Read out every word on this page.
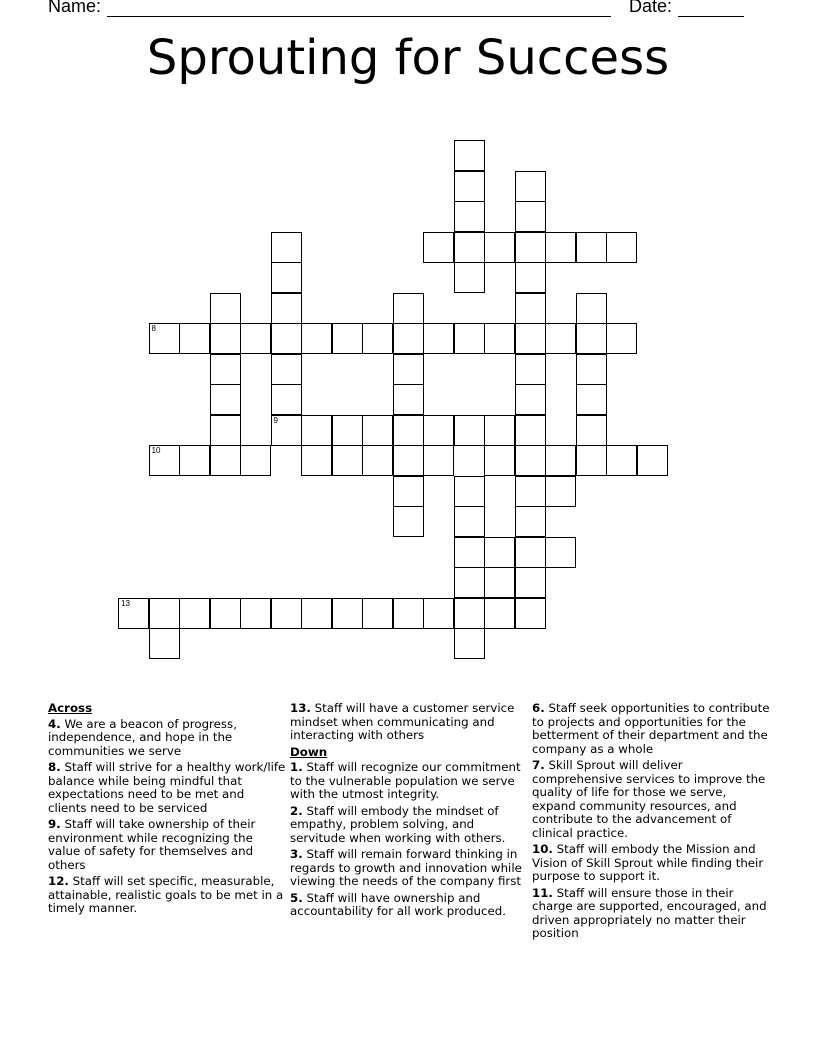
Name:	Date:
Sprouting for Success
8
9
10
13
Across
4. We are a beacon of progress, independence, and hope in the communities we serve
8. Staff will strive for a healthy work/life balance while being mindful that expectations need to be met and clients need to be serviced
9. Staff will take ownership of their environment while recognizing the value of safety for themselves and others
12. Staff will set specific, measurable, attainable, realistic goals to be met in a timely manner.
13. Staff will have a customer service mindset when communicating and interacting with others
Down
1. Staff will recognize our commitment to the vulnerable population we serve with the utmost integrity.
2. Staff will embody the mindset of empathy, problem solving, and servitude when working with others.
3. Staff will remain forward thinking in regards to growth and innovation while viewing the needs of the company first
5. Staff will have ownership and accountability for all work produced.
6. Staff seek opportunities to contribute to projects and opportunities for the betterment of their department and the company as a whole
7. Skill Sprout will deliver comprehensive services to improve the quality of life for those we serve, expand community resources, and contribute to the advancement of clinical practice.
10. Staff will embody the Mission and Vision of Skill Sprout while finding their purpose to support it.
11. Staff will ensure those in their charge are supported, encouraged, and driven appropriately no matter their position
